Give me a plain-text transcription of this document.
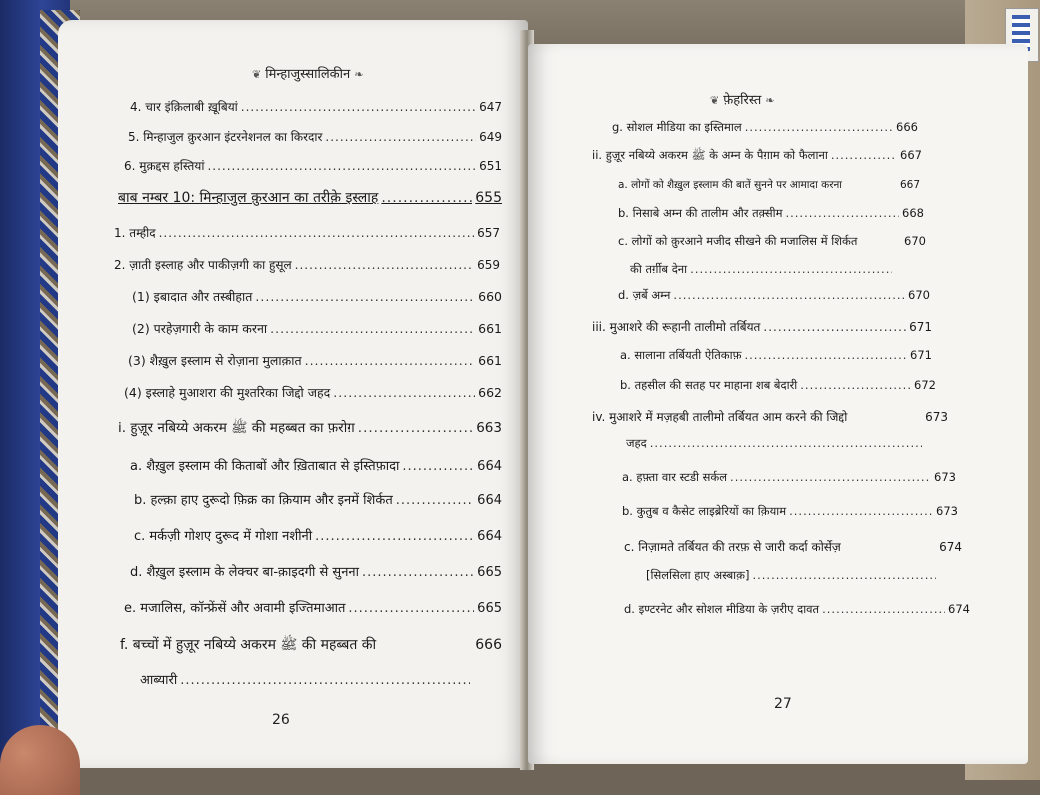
❦ मिन्हाजुस्सालिकीन ❧
4. चार इंक़िलाबी ख़ूबियां .....	647
5. मिन्हाजुल क़ुरआन इंटरनेशनल का किरदार .....	649
6. मुक़द्दस हस्तियां .....	651
बाब नम्बर 10: मिन्हाजुल क़ुरआन का तरीक़े इस्लाह .....	655
1. तम्हीद .....	657
2. ज़ाती इस्लाह और पाकीज़गी का हुसूल .....	659
(1) इबादात और तस्बीहात .....	660
(2) परहेज़गारी के काम करना .....	661
(3) शैख़ुल इस्लाम से रोज़ाना मुलाक़ात .....	661
(4) इस्लाहे मुआशरा की मुश्तरिका जिद्दो जहद .....	662
i. हुज़ूर नबिय्ये अकरम ﷺ की महब्बत का फ़रोग़ .....	663
a. शैख़ुल इस्लाम की किताबों और ख़िताबात से इस्तिफ़ादा .....	664
b. हल्क़ा हाए दुरूदो फ़िक्र का क़ियाम और इनमें शिर्कत .....	664
c. मर्कज़ी गोशए दुरूद में गोशा नशीनी .....	664
d. शैख़ुल इस्लाम के लेक्चर बा-क़ाइदगी से सुनना .....	665
e. मजालिस, कॉन्फ्रेंसें और अवामी इज्तिमाआत .....	665
f. बच्चों में हुज़ूर नबिय्ये अकरम ﷺ की महब्बत की	666
आब्यारी
.....
26
❦ फ़ेहरिस्त ❧
g. सोशल मीडिया का इस्तिमाल .....	666
ii. हुज़ूर नबिय्ये अकरम ﷺ के अम्न के पैग़ाम को फैलाना .....	667
a. लोगों को शैख़ुल इस्लाम की बातें सुनने पर आमादा करना	667
b. निसाबे अम्न की तालीम और तक़्सीम .....	668
c. लोगों को क़ुरआने मजीद सीखने की मजालिस में शिर्कत	670
की तर्ग़ीब देना
.....
d. ज़र्बे अम्न .....	670
iii. मुआशरे की रूहानी तालीमो तर्बियत .....	671
a. सालाना तर्बियती ऐतिकाफ़ .....	671
b. तहसील की सतह पर माहाना शब बेदारी .....	672
iv. मुआशरे में मज़हबी तालीमो तर्बियत आम करने की जिद्दो	673
जहद
.....
a. हफ़्ता वार स्टडी सर्कल .....	673
b. कुतुब व कैसेट लाइब्रेरियों का क़ियाम .....	673
c. निज़ामते तर्बियत की तरफ़ से जारी कर्दा कोर्सेज़	674
[सिलसिला हाए अस्बाक़]
.....
d. इण्टरनेट और सोशल मीडिया के ज़रीए दावत .....	674
27
